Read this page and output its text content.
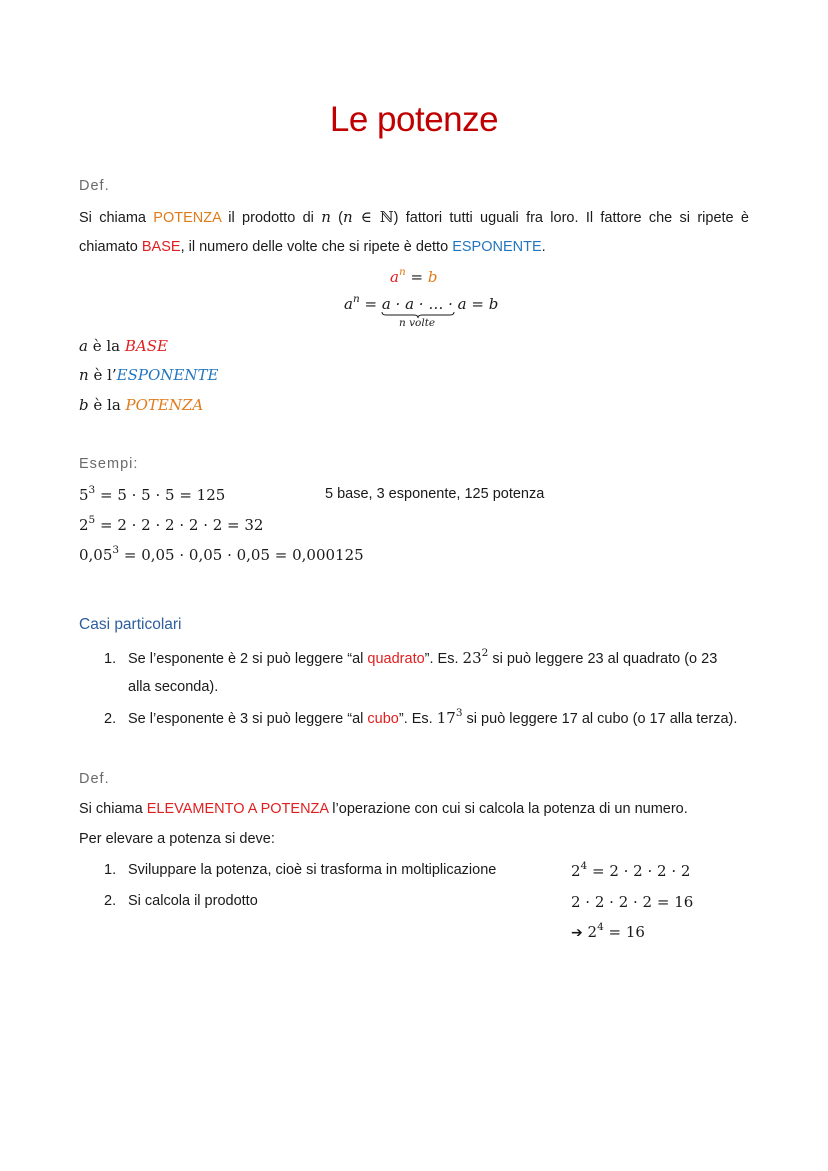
Le potenze
Def.
Si chiama POTENZA il prodotto di n (n ∈ ℕ) fattori tutti uguali fra loro. Il fattore che si ripete è
chiamato BASE, il numero delle volte che si ripete è detto ESPONENTE.
$a^n = b$
$a^n = a \cdot a$ · … · a = b
n volte
a è la BASE
n è l’ESPONENTE
b è la POTENZA
Esempi:
$5^3 = 5 \cdot 5 \cdot 5 = 125$	5 base, 3 esponente, 125 potenza
$2^5 = 2 \cdot 2 \cdot 2 \cdot 2 \cdot 2 = 32$
$0,05^3 = 0,05 \cdot 0,05 \cdot 0,05 = 0,000125$
Casi particolari
1. Se l’esponente è 2 si può leggere “al quadrato”. Es. $23^2$ si può leggere 23 al quadrato (o 23
alla seconda).
2. Se l’esponente è 3 si può leggere “al cubo”. Es. $17^3$ si può leggere 17 al cubo (o 17 alla terza).
Def.
Si chiama ELEVAMENTO A POTENZA l’operazione con cui si calcola la potenza di un numero.
Per elevare a potenza si deve:
1. Sviluppare la potenza, cioè si trasforma in moltiplicazione	$2^4 = 2 \cdot 2 \cdot 2 \cdot 2$
2. Si calcola il prodotto	2 · 2 · 2 · 2 = 16
➔ $2^4 = 16$
